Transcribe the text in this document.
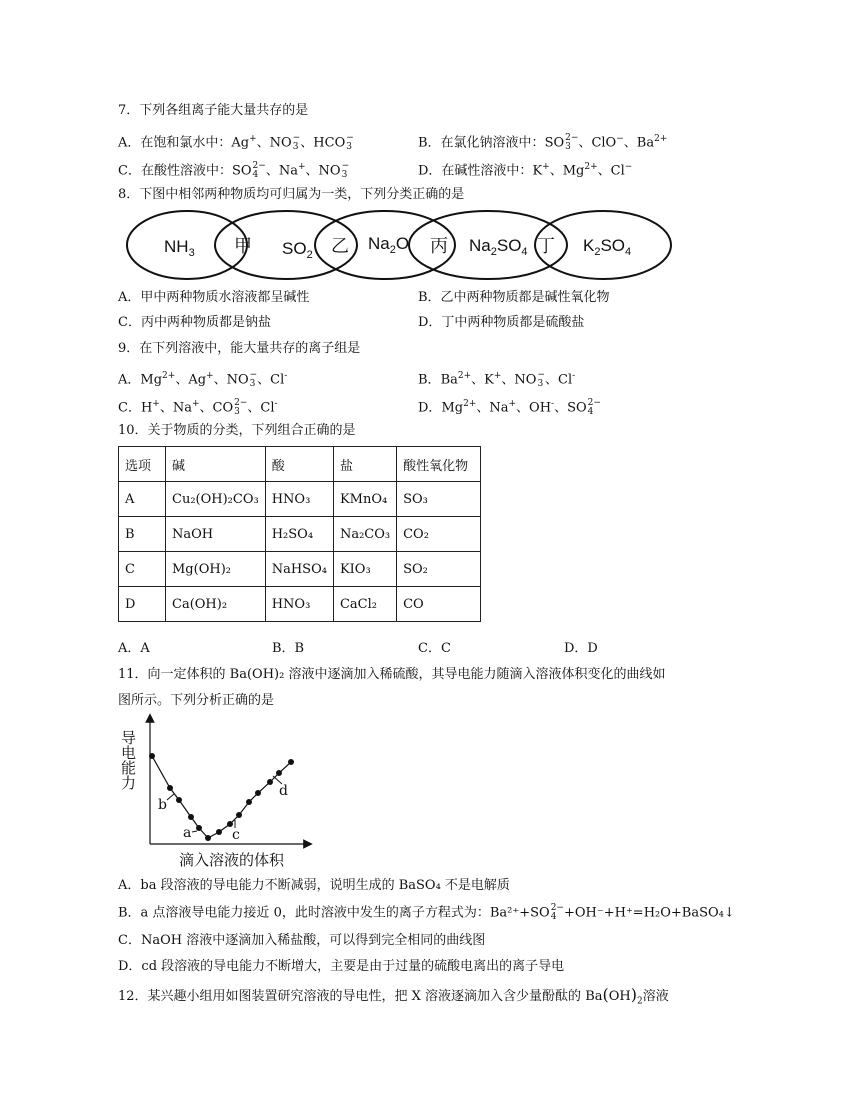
7．下列各组离子能大量共存的是
A．在饱和氯水中：Ag+、NO −
3 、HCO −
3	B．在氯化钠溶液中：SO 2−
3 、ClO−、$Ba^{2+}$
C．在酸性溶液中：SO 2−
4 、Na+、NO −
3	D．在碱性溶液中：K+、$Mg^{2+}$、Cl−
8．下图中相邻两种物质均可归属为一类，下列分类正确的是
$NH_3$	$SO_2$
$Na_2O$	$Na_2SO_4$	$K_2SO_4$
甲	乙	丙	丁
A．甲中两种物质水溶液都呈碱性	B．乙中两种物质都是碱性氧化物
C．丙中两种物质都是钠盐	D．丁中两种物质都是硫酸盐
9．在下列溶液中，能大量共存的离子组是
A．$Mg^{2+}$、Ag+、NO −
3 、Cl-	B．$Ba^{2+}$、K+、NO −
3 、Cl-
C．H+、Na+、CO 2−
3 、Cl-	D．$Mg^{2+}$、Na+、OH-、SO 2−
4
10．关于物质的分类，下列组合正确的是
选项	碱	酸	盐	酸性氧化物
A	Cu₂(OH)₂CO₃	HNO₃	KMnO₄	SO₃
B	NaOH	H₂SO₄	Na₂CO₃	CO₂
C	Mg(OH)₂	NaHSO₄	KIO₃	SO₂
D	Ca(OH)₂	HNO₃	CaCl₂	CO
A．A	B．B	C．C	D．D
11．向一定体积的 Ba(OH)₂ 溶液中逐滴加入稀硫酸，其导电能力随滴入溶液体积变化的曲线如
图所示。下列分析正确的是
导电能力
滴入溶液的体积
a
b
c
d
A．ba 段溶液的导电能力不断减弱，说明生成的 BaSO₄ 不是电解质
B．a 点溶液导电能力接近 0，此时溶液中发生的离子方程式为：Ba²⁺+SO 2−
4 +OH⁻+H⁺=H₂O+BaSO₄↓
C．NaOH 溶液中逐滴加入稀盐酸，可以得到完全相同的曲线图
D．cd 段溶液的导电能力不断增大，主要是由于过量的硫酸电离出的离子导电
12．某兴趣小组用如图装置研究溶液的导电性，把 X 溶液逐滴加入含少量酚酞的 $Ba(OH)_2$溶液
